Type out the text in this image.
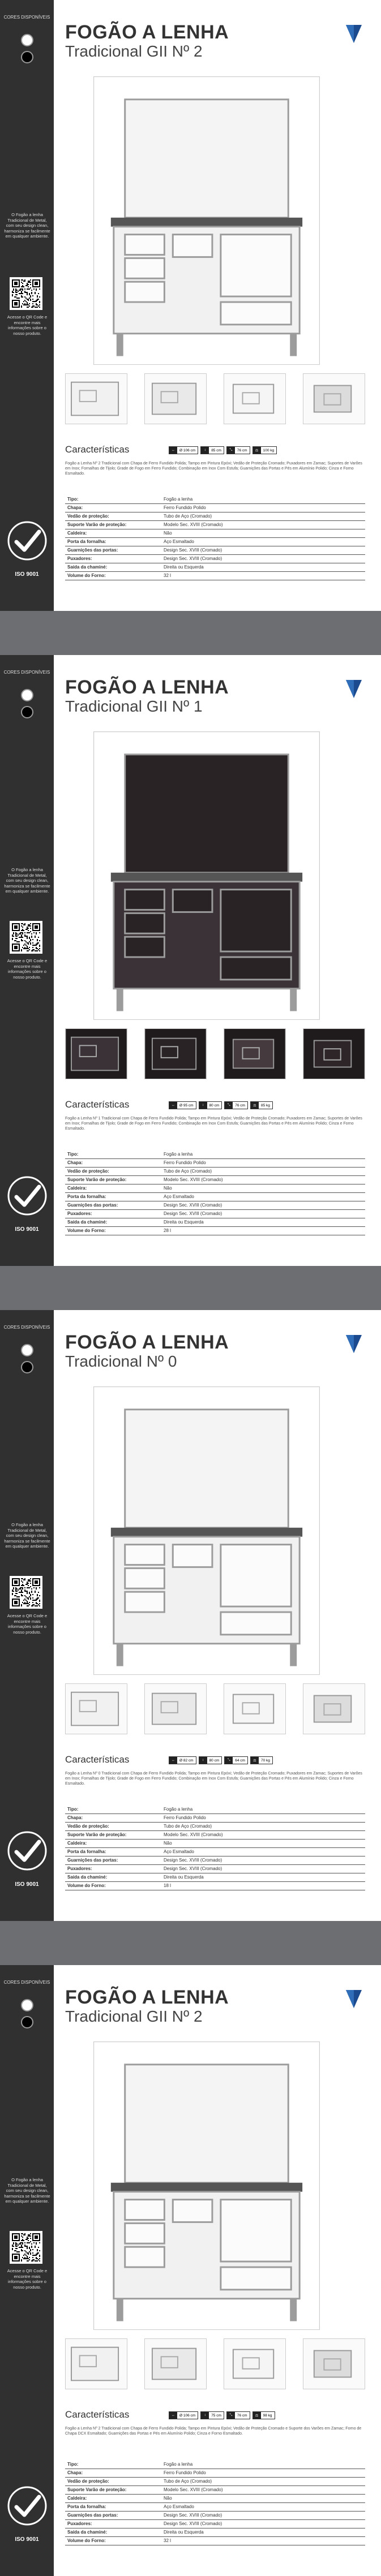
CORES DISPONÍVEIS
O Fogão a lenha Tradicional de Metal, com seu design clean, harmoniza se facilmente em qualquer ambiente.
Acesse o QR Code e encontre mais informações sobre o nosso produto.
ISO 9001
FOGÃO A LENHA
Tradicional GII Nº 2
Características	↔	Ø 106 cm	↕	85 cm	⤡	76 cm	⚖	100 kg
Fogão a Lenha Nº 2 Tradicional com Chapa de Ferro Fundido Polida; Tampo em Pintura Epóxi; Vedão de Proteção Cromado; Puxadores em Zamac; Suportes de Varões em Inox; Fornalhas de Tijolo; Grade de Fogo em Ferro Fundido; Combinação em Inox Com Estufa; Guarnições das Portas e Pés em Alumínio Polido; Cinza e Forno Esmaltado.
Tipo:	Fogão a lenha
Chapa:	Ferro Fundido Polido
Vedão de proteção:	Tubo de Aço (Cromado)
Suporte Varão de proteção:	Modelo Sec. XVIII (Cromado)
Caldeira:	Não
Porta da fornalha:	Aço Esmaltado
Guarnições das portas:	Design Sec. XVIII (Cromado)
Puxadores:	Design Sec. XVIII (Cromado)
Saída da chaminé:	Direita ou Esquerda
Volume do Forno:	32 l
CORES DISPONÍVEIS
O Fogão a lenha Tradicional de Metal, com seu design clean, harmoniza se facilmente em qualquer ambiente.
Acesse o QR Code e encontre mais informações sobre o nosso produto.
ISO 9001
FOGÃO A LENHA
Tradicional GII Nº 1
Características	↔	Ø 95 cm	↕	80 cm	⤡	76 cm	⚖	85 kg
Fogão a Lenha Nº 1 Tradicional com Chapa de Ferro Fundido Polida; Tampo em Pintura Epóxi; Vedão de Proteção Cromado; Puxadores em Zamac; Suportes de Varões em Inox; Fornalhas de Tijolo; Grade de Fogo em Ferro Fundido; Combinação em Inox Com Estufa; Guarnições das Portas e Pés em Alumínio Polido; Cinza e Forno Esmaltado.
Tipo:	Fogão a lenha
Chapa:	Ferro Fundido Polido
Vedão de proteção:	Tubo de Aço (Cromado)
Suporte Varão de proteção:	Modelo Sec. XVIII (Cromado)
Caldeira:	Não
Porta da fornalha:	Aço Esmaltado
Guarnições das portas:	Design Sec. XVIII (Cromado)
Puxadores:	Design Sec. XVIII (Cromado)
Saída da chaminé:	Direita ou Esquerda
Volume do Forno:	28 l
CORES DISPONÍVEIS
O Fogão a lenha Tradicional de Metal, com seu design clean, harmoniza se facilmente em qualquer ambiente.
Acesse o QR Code e encontre mais informações sobre o nosso produto.
ISO 9001
FOGÃO A LENHA
Tradicional Nº 0
Características	↔	Ø 82 cm	↕	80 cm	⤡	64 cm	⚖	70 kg
Fogão a Lenha Nº 0 Tradicional com Chapa de Ferro Fundido Polida; Tampo em Pintura Epóxi; Vedão de Proteção Cromado; Puxadores em Zamac; Suportes de Varões em Inox; Fornalhas de Tijolo; Grade de Fogo em Ferro Fundido; Combinação em Inox Com Estufa; Guarnições das Portas e Pés em Alumínio Polido; Cinza e Forno Esmaltado.
Tipo:	Fogão a lenha
Chapa:	Ferro Fundido Polido
Vedão de proteção:	Tubo de Aço (Cromado)
Suporte Varão de proteção:	Modelo Sec. XVIII (Cromado)
Caldeira:	Não
Porta da fornalha:	Aço Esmaltado
Guarnições das portas:	Design Sec. XVIII (Cromado)
Puxadores:	Design Sec. XVIII (Cromado)
Saída da chaminé:	Direita ou Esquerda
Volume do Forno:	18 l
CORES DISPONÍVEIS
O Fogão a lenha Tradicional de Metal, com seu design clean, harmoniza se facilmente em qualquer ambiente.
Acesse o QR Code e encontre mais informações sobre o nosso produto.
ISO 9001
FOGÃO A LENHA
Tradicional GII Nº 2
Características	↔	Ø 106 cm	↕	75 cm	⤡	76 cm	⚖	98 kg
Fogão a Lenha Nº 2 Tradicional com Chapa de Ferro Fundido Polida; Tampo em Pintura Epóxi; Vedão de Proteção Cromado e Suporte dos Varões em Zamac; Forno de Chapa DCX Esmaltado; Guarnições das Portas e Pés em Alumínio Polido; Cinza e Forno Esmaltado.
Tipo:	Fogão a lenha
Chapa:	Ferro Fundido Polido
Vedão de proteção:	Tubo de Aço (Cromado)
Suporte Varão de proteção:	Modelo Sec. XVIII (Cromado)
Caldeira:	Não
Porta da fornalha:	Aço Esmaltado
Guarnições das portas:	Design Sec. XVIII (Cromado)
Puxadores:	Design Sec. XVIII (Cromado)
Saída da chaminé:	Direita ou Esquerda
Volume do Forno:	32 l
